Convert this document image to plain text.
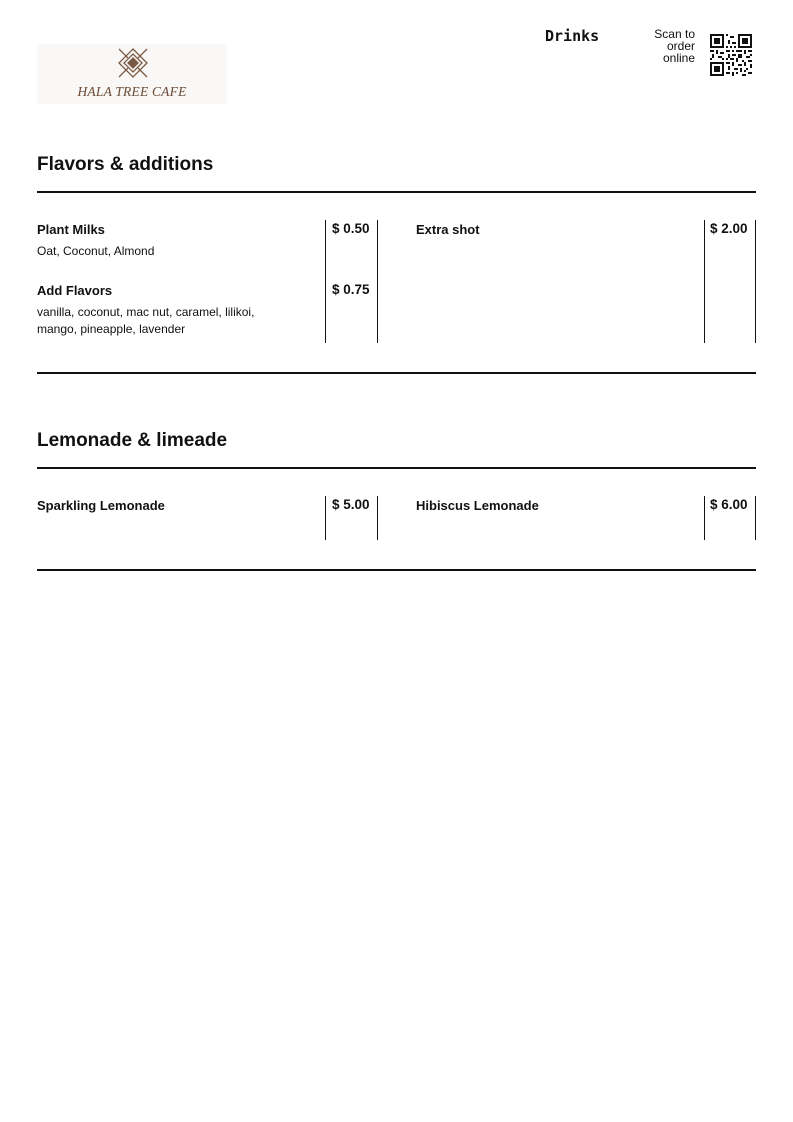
HALA TREE CAFE
Drinks	Scan to
order
online
Flavors & additions
Plant Milks
Oat, Coconut, Almond
$ 0.50
Add Flavors
vanilla, coconut, mac nut, caramel, lilikoi, mango, pineapple, lavender
$ 0.75
Extra shot	$ 2.00
Lemonade & limeade
Sparkling Lemonade	$ 5.00	Hibiscus Lemonade	$ 6.00
